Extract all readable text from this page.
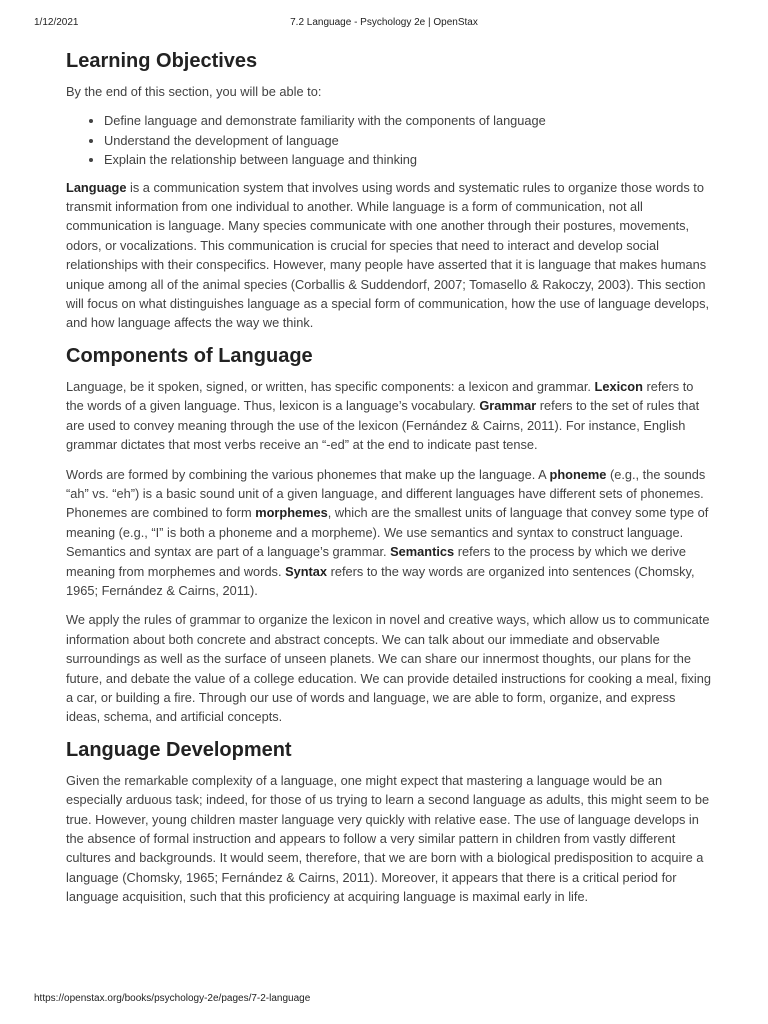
1/12/2021	7.2 Language - Psychology 2e | OpenStax
Learning Objectives

By the end of this section, you will be able to:

• Define language and demonstrate familiarity with the components of language
• Understand the development of language
• Explain the relationship between language and thinking

Language is a communication system that involves using words and systematic rules to organize those words to transmit information from one individual to another. While language is a form of communication, not all communication is language. Many species communicate with one another through their postures, movements, odors, or vocalizations. This communication is crucial for species that need to interact and develop social relationships with their conspecifics. However, many people have asserted that it is language that makes humans unique among all of the animal species (Corballis & Suddendorf, 2007; Tomasello & Rakoczy, 2003). This section will focus on what distinguishes language as a special form of communication, how the use of language develops, and how language affects the way we think.

Components of Language

Language, be it spoken, signed, or written, has specific components: a lexicon and grammar. Lexicon refers to the words of a given language. Thus, lexicon is a language’s vocabulary. Grammar refers to the set of rules that are used to convey meaning through the use of the lexicon (Fernández & Cairns, 2011). For instance, English grammar dictates that most verbs receive an “-ed” at the end to indicate past tense.

Words are formed by combining the various phonemes that make up the language. A phoneme (e.g., the sounds “ah” vs. “eh”) is a basic sound unit of a given language, and different languages have different sets of phonemes. Phonemes are combined to form morphemes, which are the smallest units of language that convey some type of meaning (e.g., “I” is both a phoneme and a morpheme). We use semantics and syntax to construct language. Semantics and syntax are part of a language’s grammar. Semantics refers to the process by which we derive meaning from morphemes and words. Syntax refers to the way words are organized into sentences (Chomsky, 1965; Fernández & Cairns, 2011).

We apply the rules of grammar to organize the lexicon in novel and creative ways, which allow us to communicate information about both concrete and abstract concepts. We can talk about our immediate and observable surroundings as well as the surface of unseen planets. We can share our innermost thoughts, our plans for the future, and debate the value of a college education. We can provide detailed instructions for cooking a meal, fixing a car, or building a fire. Through our use of words and language, we are able to form, organize, and express ideas, schema, and artificial concepts.

Language Development

Given the remarkable complexity of a language, one might expect that mastering a language would be an especially arduous task; indeed, for those of us trying to learn a second language as adults, this might seem to be true. However, young children master language very quickly with relative ease. The use of language develops in the absence of formal instruction and appears to follow a very similar pattern in children from vastly different cultures and backgrounds. It would seem, therefore, that we are born with a biological predisposition to acquire a language (Chomsky, 1965; Fernández & Cairns, 2011). Moreover, it appears that there is a critical period for language acquisition, such that this proficiency at acquiring language is maximal early in life.

https://openstax.org/books/psychology-2e/pages/7-2-language
